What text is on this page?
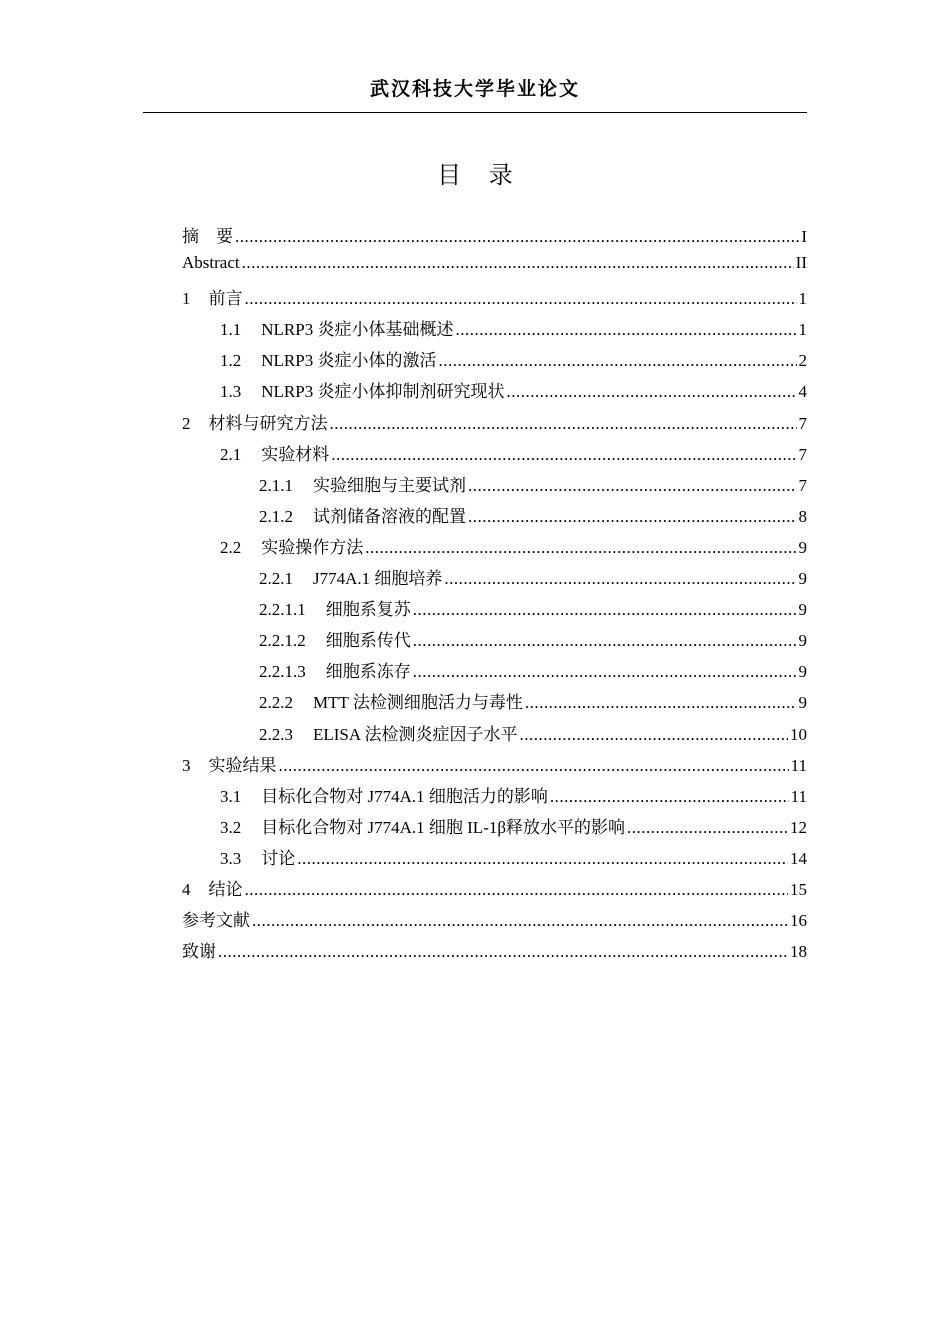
武汉科技大学毕业论文
目 录
摘　要 .....	I
Abstract .....	II
1 前言 .....	1
1.1 NLRP3 炎症小体基础概述 .....	1
1.2 NLRP3 炎症小体的激活 .....	2
1.3 NLRP3 炎症小体抑制剂研究现状 .....	4
2 材料与研究方法 .....	7
2.1 实验材料 .....	7
2.1.1 实验细胞与主要试剂 .....	7
2.1.2 试剂储备溶液的配置 .....	8
2.2 实验操作方法 .....	9
2.2.1 J774A.1 细胞培养 .....	9
2.2.1.1 细胞系复苏 .....	9
2.2.1.2 细胞系传代 .....	9
2.2.1.3 细胞系冻存 .....	9
2.2.2 MTT 法检测细胞活力与毒性 .....	9
2.2.3 ELISA 法检测炎症因子水平 .....	10
3 实验结果 .....	11
3.1 目标化合物对 J774A.1 细胞活力的影响 .....	11
3.2 目标化合物对 J774A.1 细胞 IL-1β释放水平的影响 .....	12
3.3 讨论 .....	14
4 结论 .....	15
参考文献 .....	16
致谢 .....	18
